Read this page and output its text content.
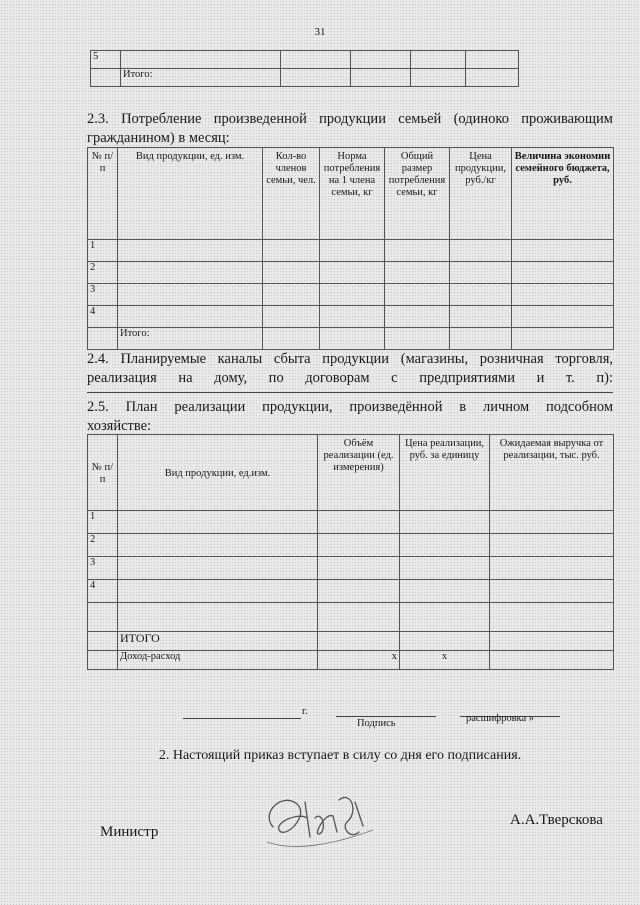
31
5					
	Итого:				
2.3. Потребление произведенной продукции семьей (одиноко проживающим
гражданином) в месяц:
№ п/п	Вид продукции, ед. изм.	Кол-во членов семьи, чел.	Норма потребления на 1 члена семьи, кг	Общий размер потребления семьи, кг	Цена продукции, руб./кг	Величина экономии семейного бюджета, руб.
1						
2						
3						
4						
	Итого:					
2.4. Планируемые каналы сбыта продукции (магазины, розничная торговля,
реализация на дому, по договорам с предприятиями и т. п):
2.5. План реализации продукции, произведённой в личном подсобном
хозяйстве:
№ п/п	Вид продукции, ед.изм.	Объём реализации (ед. измерения)	Цена реализации, руб. за единицу	Ожидаемая выручка от реализации, тыс. руб.
1				
2				
3				
4				

	ИТОГО			
	Доход-расход	x	x	
г.
Подпись	расшифровка »
2. Настоящий приказ вступает в силу со дня его подписания.
Министр
А.А.Тверскова
